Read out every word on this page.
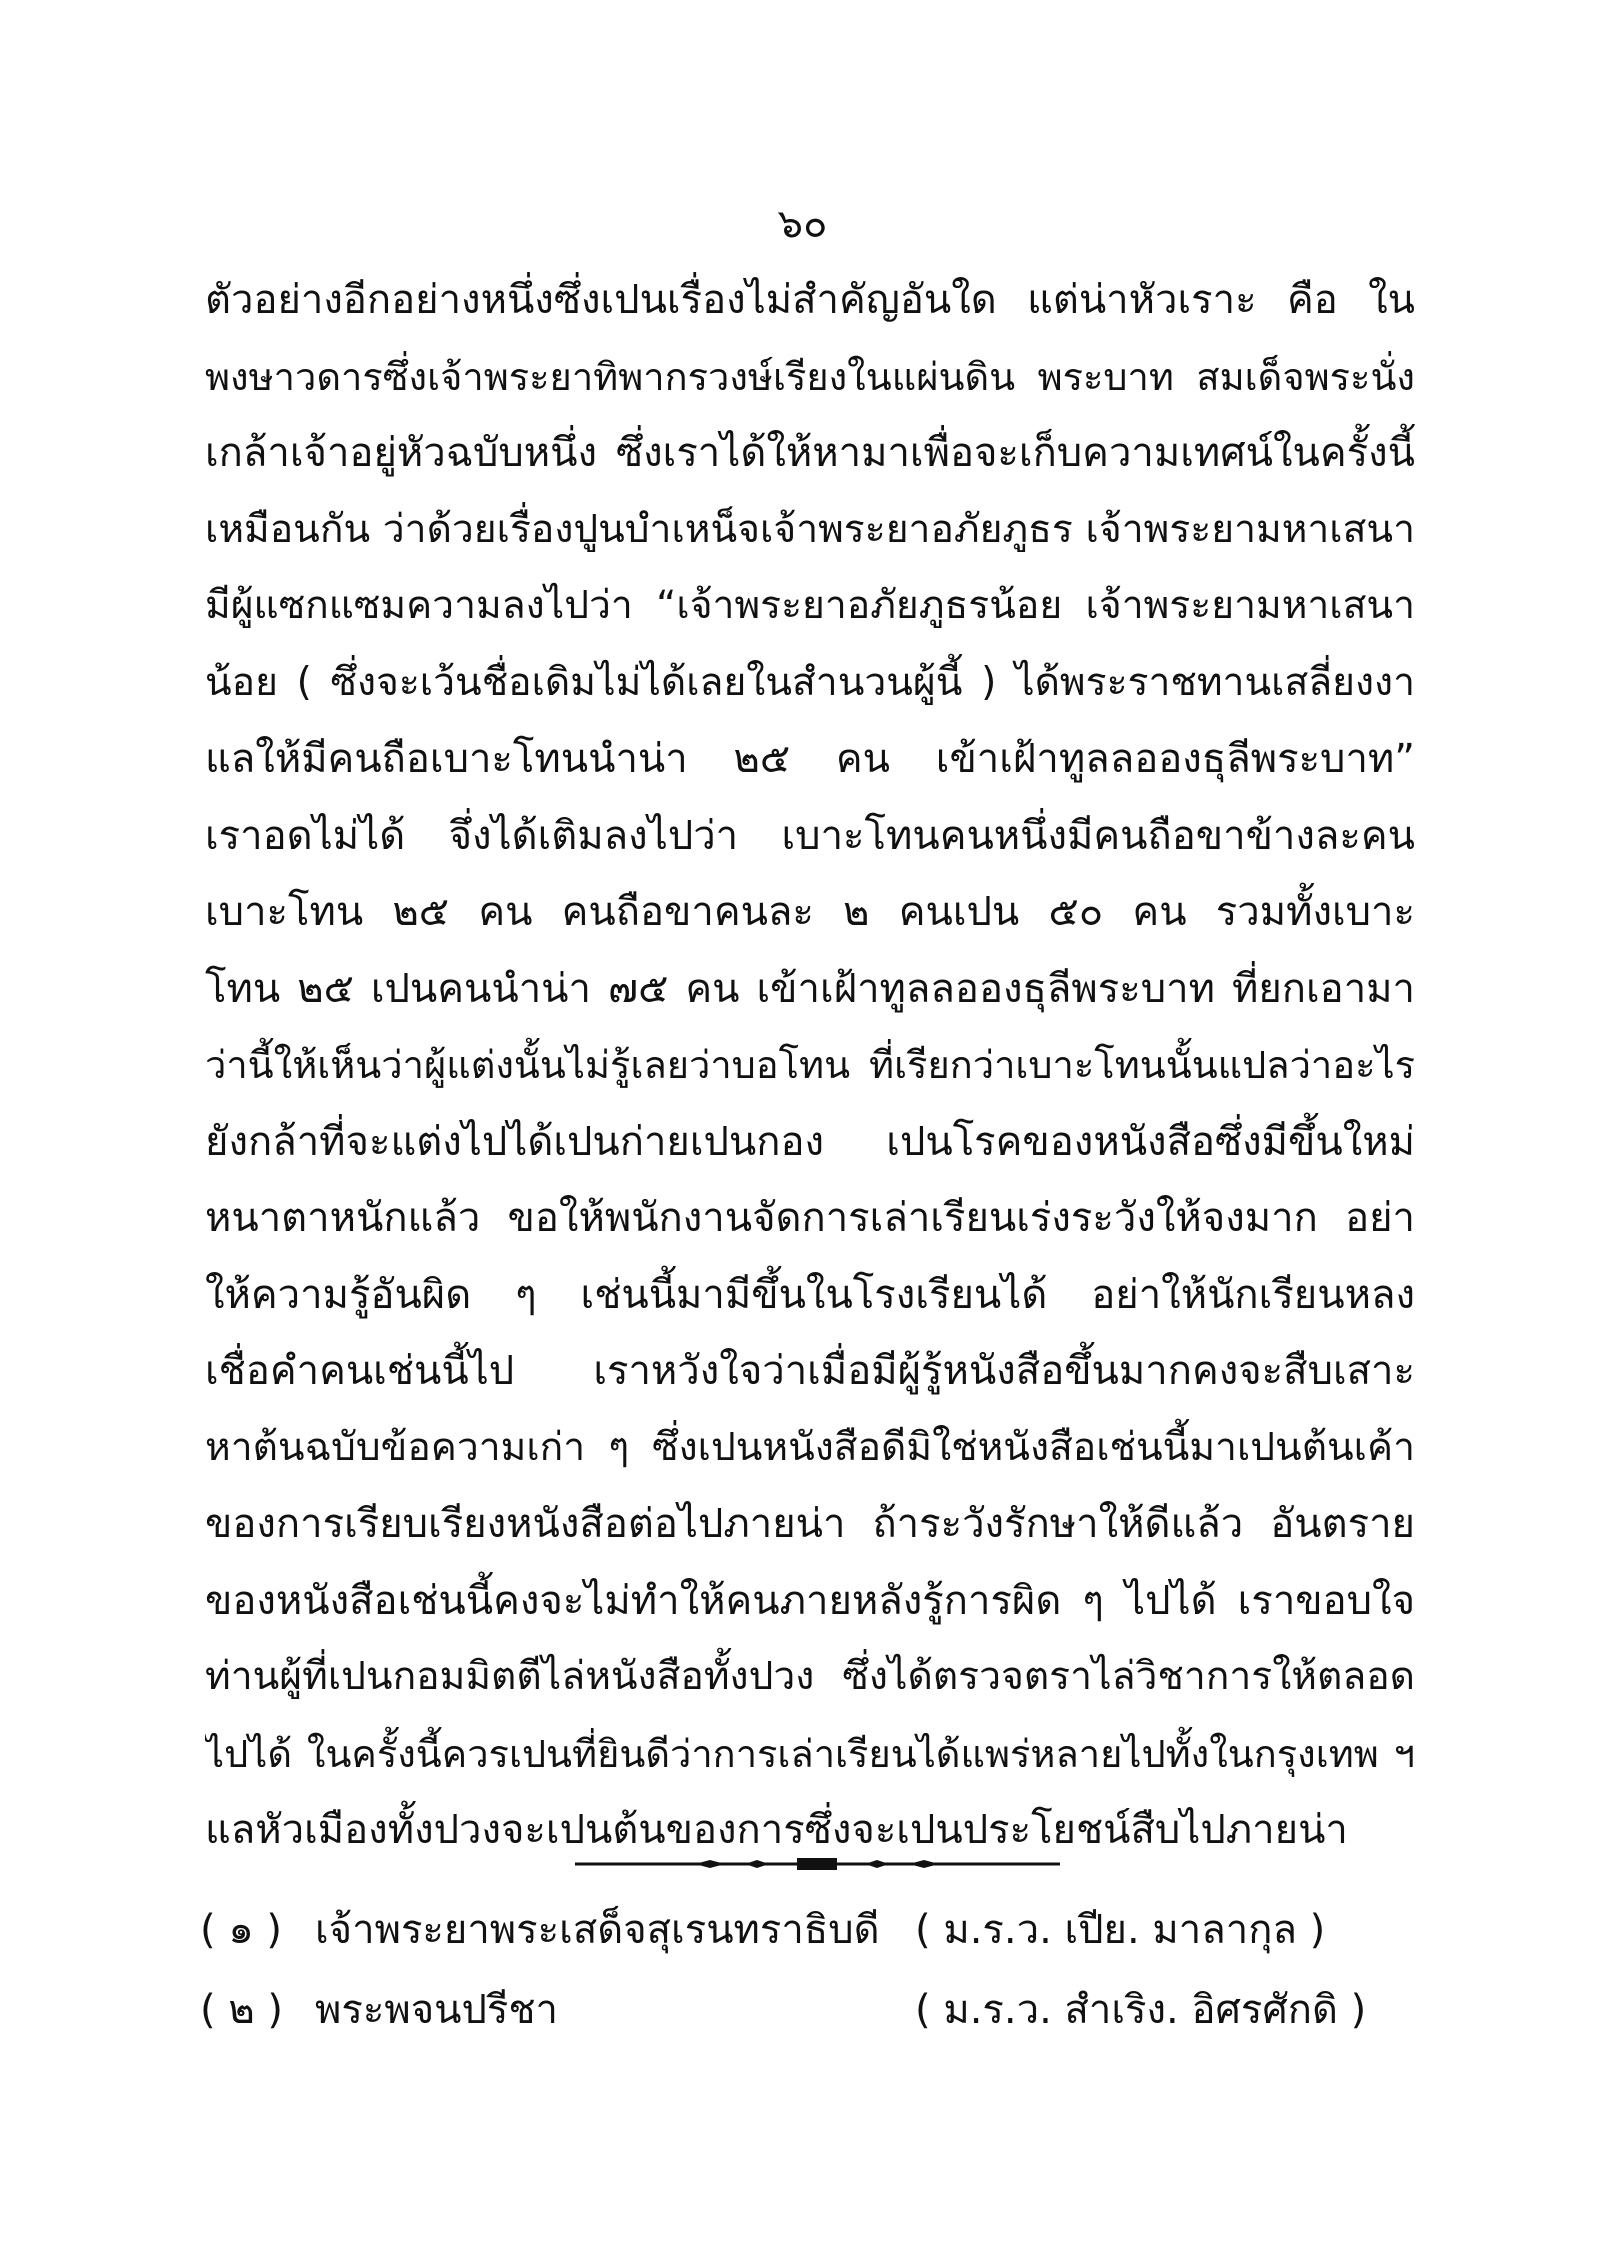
๖๐
ตัวอย่างอีกอย่างหนึ่งซึ่งเปนเรื่องไม่สำคัญอันใด แต่น่าหัวเราะ คือ ใน
พงษาวดารซึ่งเจ้าพระยาทิพากรวงษ์เรียงในแผ่นดิน พระบาท สมเด็จพระนั่ง
เกล้าเจ้าอยู่หัวฉบับหนึ่ง ซึ่งเราได้ให้หามาเพื่อจะเก็บความเทศน์ในครั้งนี้
เหมือนกัน ว่าด้วยเรื่องปูนบำเหน็จเจ้าพระยาอภัยภูธร เจ้าพระยามหาเสนา
มีผู้แซกแซมความลงไปว่า “เจ้าพระยาอภัยภูธรน้อย เจ้าพระยามหาเสนา
น้อย ( ซึ่งจะเว้นชื่อเดิมไม่ได้เลยในสำนวนผู้นี้ ) ได้พระราชทานเสลี่ยงงา
แลให้มีคนถือเบาะโทนนำน่า ๒๕ คน เข้าเฝ้าทูลลอองธุลีพระบาท”
เราอดไม่ได้ จึ่งได้เติมลงไปว่า เบาะโทนคนหนึ่งมีคนถือขาข้างละคน
เบาะโทน ๒๕ คน คนถือขาคนละ ๒ คนเปน ๕๐ คน รวมทั้งเบาะ
โทน ๒๕ เปนคนนำน่า ๗๕ คน เข้าเฝ้าทูลลอองธุลีพระบาท ที่ยกเอามา
ว่านี้ให้เห็นว่าผู้แต่งนั้นไม่รู้เลยว่าบอโทน ที่เรียกว่าเบาะโทนนั้นแปลว่าอะไร
ยังกล้าที่จะแต่งไปได้เปนก่ายเปนกอง เปนโรคของหนังสือซึ่งมีขึ้นใหม่
หนาตาหนักแล้ว ขอให้พนักงานจัดการเล่าเรียนเร่งระวังให้จงมาก อย่า
ให้ความรู้อันผิด ๆ เช่นนี้มามีขึ้นในโรงเรียนได้ อย่าให้นักเรียนหลง
เชื่อคำคนเช่นนี้ไป เราหวังใจว่าเมื่อมีผู้รู้หนังสือขึ้นมากคงจะสืบเสาะ
หาต้นฉบับข้อความเก่า ๆ ซึ่งเปนหนังสือดีมิใช่หนังสือเช่นนี้มาเปนต้นเค้า
ของการเรียบเรียงหนังสือต่อไปภายน่า ถ้าระวังรักษาให้ดีแล้ว อันตราย
ของหนังสือเช่นนี้คงจะไม่ทำให้คนภายหลังรู้การผิด ๆ ไปได้ เราขอบใจ
ท่านผู้ที่เปนกอมมิตตีไล่หนังสือทั้งปวง ซึ่งได้ตรวจตราไล่วิชาการให้ตลอด
ไปได้ ในครั้งนี้ควรเปนที่ยินดีว่าการเล่าเรียนได้แพร่หลายไปทั้งในกรุงเทพ ฯ
แลหัวเมืองทั้งปวงจะเปนต้นของการซึ่งจะเปนประโยชน์สืบไปภายน่า
( ๑ ) เจ้าพระยาพระเสด็จสุเรนทราธิบดี ( ม.ร.ว. เปีย. มาลากุล )
( ๒ ) พระพจนปรีชา	( ม.ร.ว. สำเริง. อิศรศักดิ )
